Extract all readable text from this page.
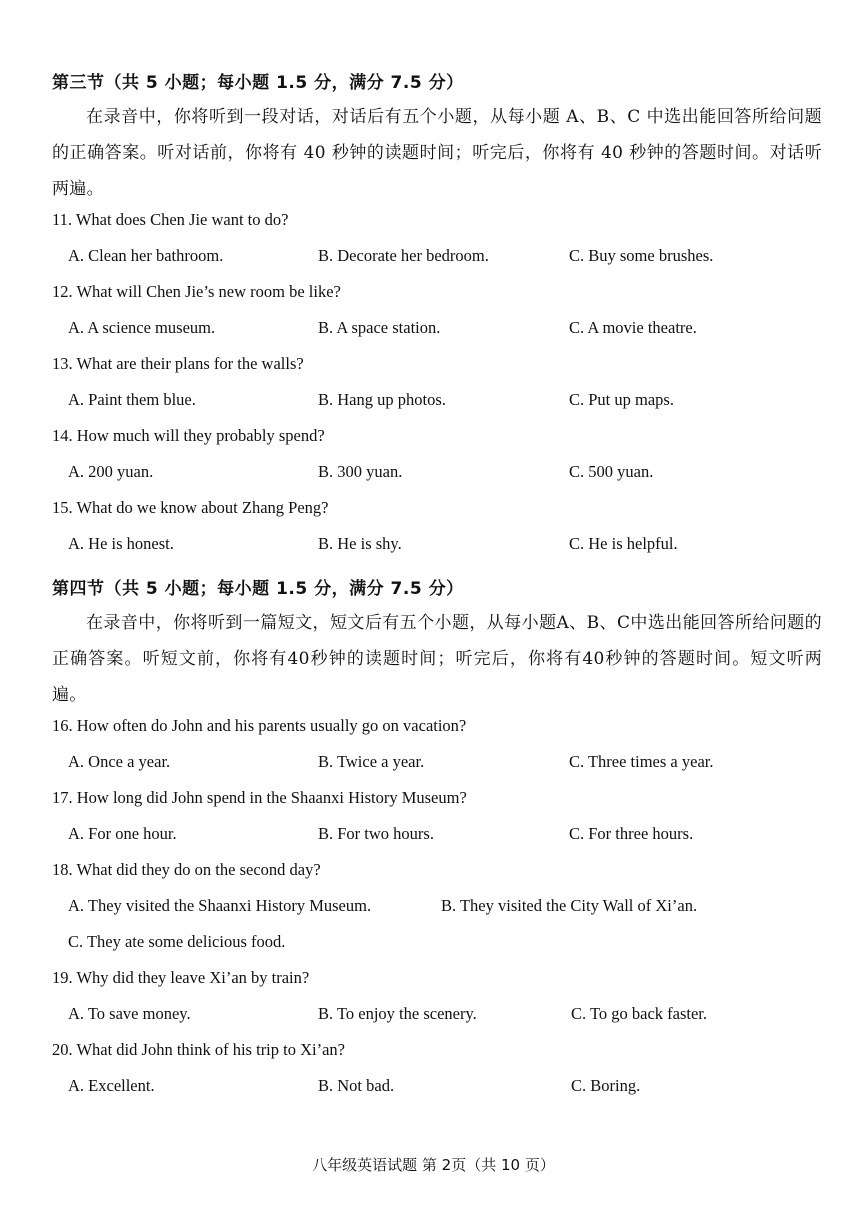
第三节（共 5 小题；每小题 1.5 分，满分 7.5 分）
在录音中，你将听到一段对话，对话后有五个小题，从每小题 A、B、C 中选出能回答所给问题的正确答案。听对话前，你将有 40 秒钟的读题时间；听完后，你将有 40 秒钟的答题时间。对话听两遍。
11. What does Chen Jie want to do?
A. Clean her bathroom.	B. Decorate her bedroom.	C. Buy some brushes.
12. What will Chen Jie’s new room be like?
A. A science museum.	B. A space station.	C. A movie theatre.
13. What are their plans for the walls?
A. Paint them blue.	B. Hang up photos.	C. Put up maps.
14. How much will they probably spend?
A. 200 yuan.	B. 300 yuan.	C. 500 yuan.
15. What do we know about Zhang Peng?
A. He is honest.	B. He is shy.	C. He is helpful.
第四节（共 5 小题；每小题 1.5 分，满分 7.5 分）
在录音中，你将听到一篇短文，短文后有五个小题，从每小题A、B、C中选出能回答所给问题的正确答案。听短文前，你将有40秒钟的读题时间；听完后，你将有40秒钟的答题时间。短文听两遍。
16. How often do John and his parents usually go on vacation?
A. Once a year.	B. Twice a year.	C. Three times a year.
17. How long did John spend in the Shaanxi History Museum?
A. For one hour.	B. For two hours.	C. For three hours.
18. What did they do on the second day?
A. They visited the Shaanxi History Museum.	B. They visited the City Wall of Xi’an.
C. They ate some delicious food.
19. Why did they leave Xi’an by train?
A. To save money.	B. To enjoy the scenery.	C. To go back faster.
20. What did John think of his trip to Xi’an?
A. Excellent.	B. Not bad.	C. Boring.
八年级英语试题 第 2页（共 10 页）
